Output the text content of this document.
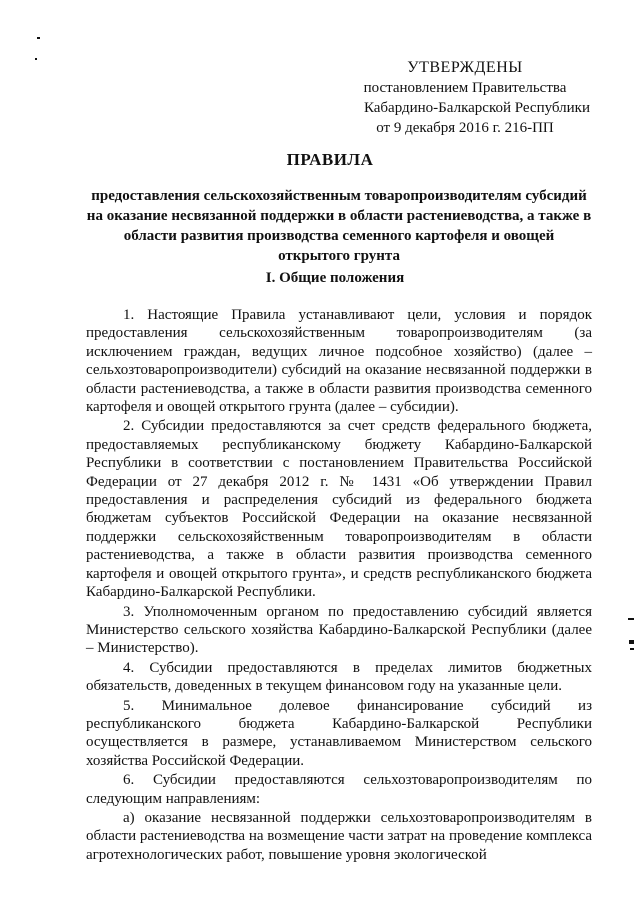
УТВЕРЖДЕНЫ
постановлением Правительства
Кабардино-Балкарской Республики
от 9 декабря 2016 г. 216-ПП
ПРАВИЛА
предоставления сельскохозяйственным товаропроизводителям субсидий на оказание несвязанной поддержки в области растениеводства, а также в области развития производства семенного картофеля и овощей открытого грунта
I. Общие положения

1. Настоящие Правила устанавливают цели, условия и порядок предоставления сельскохозяйственным товаропроизводителям (за исключением граждан, ведущих личное подсобное хозяйство) (далее – сельхозтоваропроизводители) субсидий на оказание несвязанной поддержки в области растениеводства, а также в области развития производства семенного картофеля и овощей открытого грунта (далее – субсидии).

2. Субсидии предоставляются за счет средств федерального бюджета, предоставляемых республиканскому бюджету Кабардино-Балкарской Республики в соответствии с постановлением Правительства Российской Федерации от 27 декабря 2012 г. № 1431 «Об утверждении Правил предоставления и распределения субсидий из федерального бюджета бюджетам субъектов Российской Федерации на оказание несвязанной поддержки сельскохозяйственным товаропроизводителям в области растениеводства, а также в области развития производства семенного картофеля и овощей открытого грунта», и средств республиканского бюджета Кабардино-Балкарской Республики.

3. Уполномоченным органом по предоставлению субсидий является Министерство сельского хозяйства Кабардино-Балкарской Республики (далее – Министерство).

4. Субсидии предоставляются в пределах лимитов бюджетных обязательств, доведенных в текущем финансовом году на указанные цели.

5. Минимальное долевое финансирование субсидий из республиканского бюджета Кабардино-Балкарской Республики осуществляется в размере, устанавливаемом Министерством сельского хозяйства Российской Федерации.

6. Субсидии предоставляются сельхозтоваропроизводителям по следующим направлениям:

а) оказание несвязанной поддержки сельхозтоваропроизводителям в области растениеводства на возмещение части затрат на проведение комплекса агротехнологических работ, повышение уровня экологической
